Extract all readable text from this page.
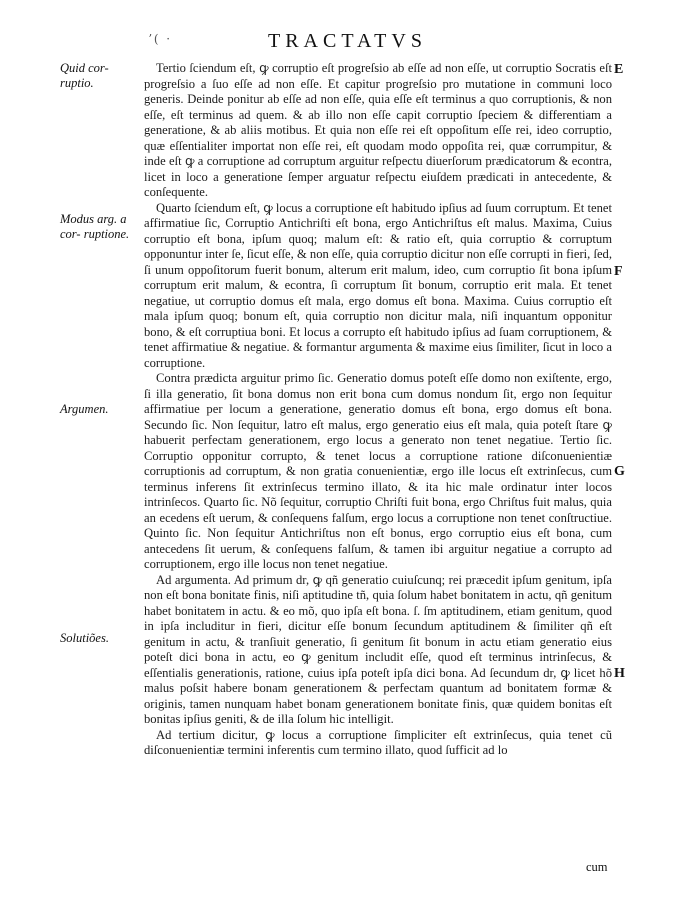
ʼ( ·	TRACTATVS
Quid cor- ruptio.
Modus arg. a cor- ruptione.
Argumen.
Solutiões.
E
F
G
H

Tertio ſciendum eſt, ꝙ corruptio eſt progreſsio ab eſſe ad non eſſe, ut corruptio Socratis eſt progreſsio a ſuo eſſe ad non eſſe. Et capitur progreſsio pro mutatione in communi loco generis. Deinde ponitur ab eſſe ad non eſſe, quia eſſe eſt terminus a quo corruptionis, & non eſſe, eſt terminus ad quem. & ab illo non eſſe capit corruptio ſpeciem & differentiam a generatione, & ab aliis motibus. Et quia non eſſe rei eſt oppoſitum eſſe rei, ideo corruptio, quæ eſſentialiter importat non eſſe rei, eſt quodam modo oppoſita rei, quæ corrumpitur, & inde eſt ꝙ a corruptione ad corruptum arguitur reſpectu diuerſorum prædicatorum & econtra, licet in loco a generatione ſemper arguatur reſpectu eiuſdem prædicati in antecedente, & conſequente.

Quarto ſciendum eſt, ꝙ locus a corruptione eſt habitudo ipſius ad ſuum corruptum. Et tenet affirmatiue ſic, Corruptio Antichriſti eſt bona, ergo Antichriſtus eſt malus. Maxima, Cuius corruptio eſt bona, ipſum quoq; malum eſt: & ratio eſt, quia corruptio & corruptum opponuntur inter ſe, ſicut eſſe, & non eſſe, quia corruptio dicitur non eſſe corrupti in fieri, ſed, ſi unum oppoſitorum fuerit bonum, alterum erit malum, ideo, cum corruptio ſit bona ipſum corruptum erit malum, & econtra, ſi corruptum ſit bonum, corruptio erit mala. Et tenet negatiue, ut corruptio domus eſt mala, ergo domus eſt bona. Maxima. Cuius corruptio eſt mala ipſum quoq; bonum eſt, quia corruptio non dicitur mala, niſi inquantum opponitur bono, & eſt corruptiua boni. Et locus a corrupto eſt habitudo ipſius ad ſuam corruptionem, & tenet affirmatiue & negatiue. & formantur argumenta & maxime eius ſimiliter, ſicut in loco a corruptione.

Contra prædicta arguitur primo ſic. Generatio domus poteſt eſſe domo non exiſtente, ergo, ſi illa generatio, ſit bona domus non erit bona cum domus nondum ſit, ergo non ſequitur affirmatiue per locum a generatione, generatio domus eſt bona, ergo domus eſt bona. Secundo ſic. Non ſequitur, latro eſt malus, ergo generatio eius eſt mala, quia poteſt ſtare ꝙ habuerit perfectam generationem, ergo locus a generato non tenet negatiue. Tertio ſic. Corruptio opponitur corrupto, & tenet locus a corruptione ratione diſconuenientiæ corruptionis ad corruptum, & non gratia conuenientiæ, ergo ille locus eſt extrinſecus, cum terminus inferens ſit extrinſecus termino illato, & ita hic male ordinatur inter locos intrinſecos. Quarto ſic. Nõ ſequitur, corruptio Chriſti fuit bona, ergo Chriſtus fuit malus, quia an ecedens eſt uerum, & conſequens falſum, ergo locus a corruptione non tenet conſtructiue. Quinto ſic. Non ſequitur Antichriſtus non eſt bonus, ergo corruptio eius eſt bona, cum antecedens ſit uerum, & conſequens falſum, & tamen ibi arguitur negatiue a corrupto ad corruptionem, ergo ille locus non tenet negatiue.

Ad argumenta. Ad primum dr, ꝙ qñ generatio cuiuſcunq; rei præcedit ipſum genitum, ipſa non eſt bona bonitate finis, niſi aptitudine tñ, quia ſolum habet bonitatem in actu, qñ genitum habet bonitatem in actu. & eo mõ, quo ipſa eſt bona. ſ. ſm aptitudinem, etiam genitum, quod in ipſa includitur in fieri, dicitur eſſe bonum ſecundum aptitudinem & ſimiliter qñ eſt genitum in actu, & tranſiuit generatio, ſi genitum ſit bonum in actu etiam generatio eius poteſt dici bona in actu, eo ꝙ genitum includit eſſe, quod eſt terminus intrinſecus, & eſſentialis generationis, ratione, cuius ipſa poteſt ipſa dici bona. Ad ſecundum dr, ꝙ licet hõ malus poſsit habere bonam generationem & perfectam quantum ad bonitatem formæ & originis, tamen nunquam habet bonam generationem bonitate finis, quæ quidem bonitas eſt bonitas ipſius geniti, & de illa ſolum hic intelligit.

Ad tertium dicitur, ꝙ locus a corruptione ſimpliciter eſt extrinſecus, quia tenet cũ diſconuenientiæ termini inferentis cum termino illato, quod ſufficit ad lo

cum
